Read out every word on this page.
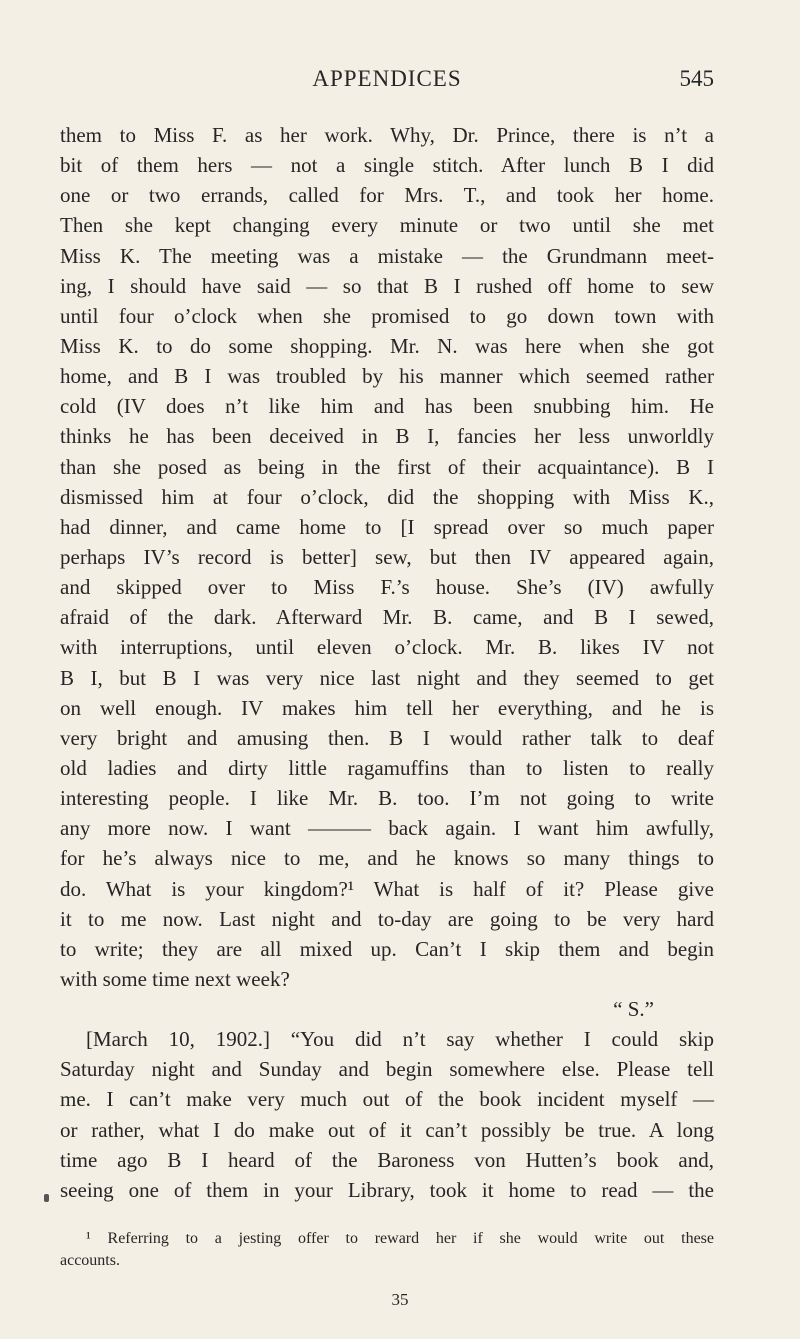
APPENDICES	545
them to Miss F. as her work. Why, Dr. Prince, there is n’t a
bit of them hers — not a single stitch. After lunch B I did
one or two errands, called for Mrs. T., and took her home.
Then she kept changing every minute or two until she met
Miss K. The meeting was a mistake — the Grundmann meet-
ing, I should have said — so that B I rushed off home to sew
until four o’clock when she promised to go down town with
Miss K. to do some shopping. Mr. N. was here when she got
home, and B I was troubled by his manner which seemed rather
cold (IV does n’t like him and has been snubbing him. He
thinks he has been deceived in B I, fancies her less unworldly
than she posed as being in the first of their acquaintance). B I
dismissed him at four o’clock, did the shopping with Miss K.,
had dinner, and came home to [I spread over so much paper
perhaps IV’s record is better] sew, but then IV appeared again,
and skipped over to Miss F.’s house. She’s (IV) awfully
afraid of the dark. Afterward Mr. B. came, and B I sewed,
with interruptions, until eleven o’clock. Mr. B. likes IV not
B I, but B I was very nice last night and they seemed to get
on well enough. IV makes him tell her everything, and he is
very bright and amusing then. B I would rather talk to deaf
old ladies and dirty little ragamuffins than to listen to really
interesting people. I like Mr. B. too. I’m not going to write
any more now. I want ——— back again. I want him awfully,
for he’s always nice to me, and he knows so many things to
do. What is your kingdom?¹ What is half of it? Please give
it to me now. Last night and to-day are going to be very hard
to write; they are all mixed up. Can’t I skip them and begin
with some time next week?
“ S.”
[March 10, 1902.] “You did n’t say whether I could skip
Saturday night and Sunday and begin somewhere else. Please tell
me. I can’t make very much out of the book incident myself —
or rather, what I do make out of it can’t possibly be true. A long
time ago B I heard of the Baroness von Hutten’s book and,
seeing one of them in your Library, took it home to read — the
¹ Referring to a jesting offer to reward her if she would write out these
accounts.
35
